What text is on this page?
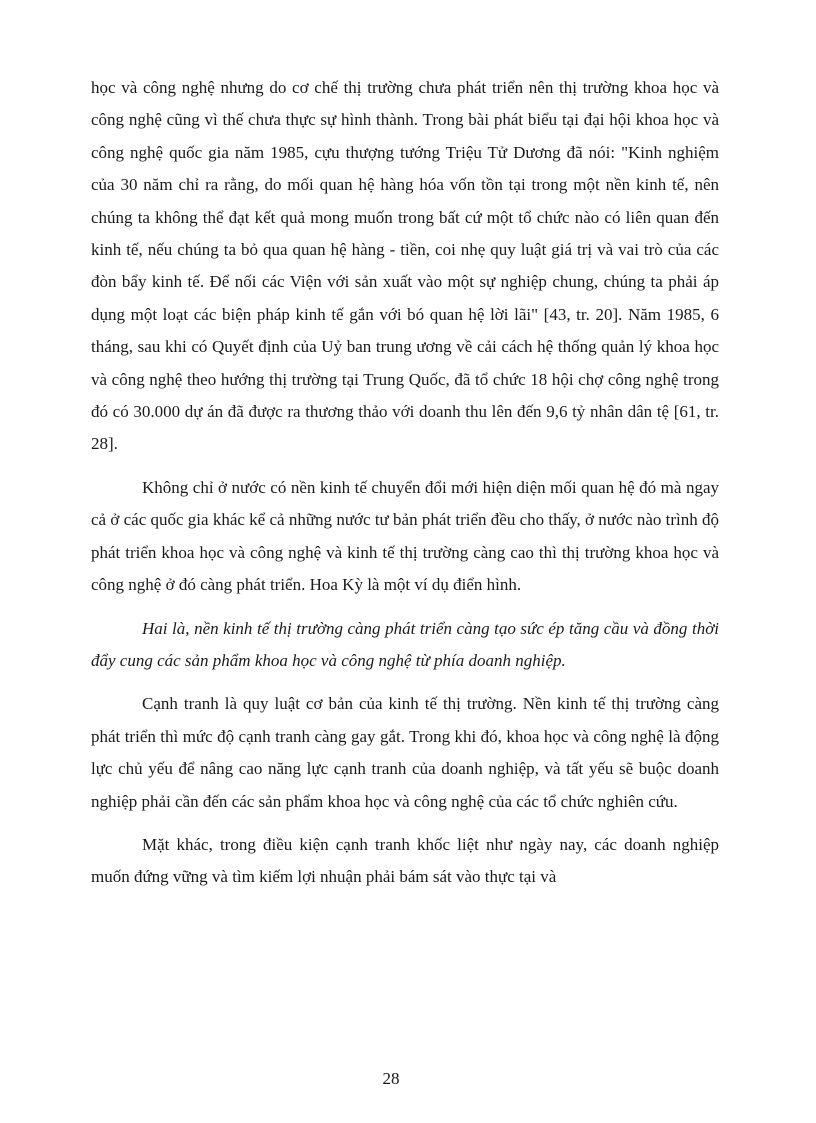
học và công nghệ nhưng do cơ chế thị trường chưa phát triển nên thị trường khoa học và công nghệ cũng vì thế chưa thực sự hình thành. Trong bài phát biểu tại đại hội khoa học và công nghệ quốc gia năm 1985, cựu thượng tướng Triệu Tử Dương đã nói: "Kinh nghiệm của 30 năm chỉ ra rằng, do mối quan hệ hàng hóa vốn tồn tại trong một nền kinh tế, nên chúng ta không thể đạt kết quả mong muốn trong bất cứ một tổ chức nào có liên quan đến kinh tế, nếu chúng ta bỏ qua quan hệ hàng - tiền, coi nhẹ quy luật giá trị và vai trò của các đòn bẩy kinh tế. Để nối các Viện với sản xuất vào một sự nghiệp chung, chúng ta phải áp dụng một loạt các biện pháp kinh tế gắn với bó quan hệ lời lãi" [43, tr. 20]. Năm 1985, 6 tháng, sau khi có Quyết định của Uỷ ban trung ương về cải cách hệ thống quản lý khoa học và công nghệ theo hướng thị trường tại Trung Quốc, đã tổ chức 18 hội chợ công nghệ trong đó có 30.000 dự án đã được ra thương thảo với doanh thu lên đến 9,6 tỷ nhân dân tệ [61, tr. 28].

Không chỉ ở nước có nền kinh tế chuyển đổi mới hiện diện mối quan hệ đó mà ngay cả ở các quốc gia khác kể cả những nước tư bản phát triển đều cho thấy, ở nước nào trình độ phát triển khoa học và công nghệ và kinh tế thị trường càng cao thì thị trường khoa học và công nghệ ở đó càng phát triển. Hoa Kỳ là một ví dụ điển hình.

Hai là, nền kinh tế thị trường càng phát triển càng tạo sức ép tăng cầu và đồng thời đẩy cung các sản phẩm khoa học và công nghệ từ phía doanh nghiệp.

Cạnh tranh là quy luật cơ bản của kinh tế thị trường. Nền kinh tế thị trường càng phát triển thì mức độ cạnh tranh càng gay gắt. Trong khi đó, khoa học và công nghệ là động lực chủ yếu để nâng cao năng lực cạnh tranh của doanh nghiệp, và tất yếu sẽ buộc doanh nghiệp phải cần đến các sản phẩm khoa học và công nghệ của các tổ chức nghiên cứu.

Mặt khác, trong điều kiện cạnh tranh khốc liệt như ngày nay, các doanh nghiệp muốn đứng vững và tìm kiếm lợi nhuận phải bám sát vào thực tại và

28
